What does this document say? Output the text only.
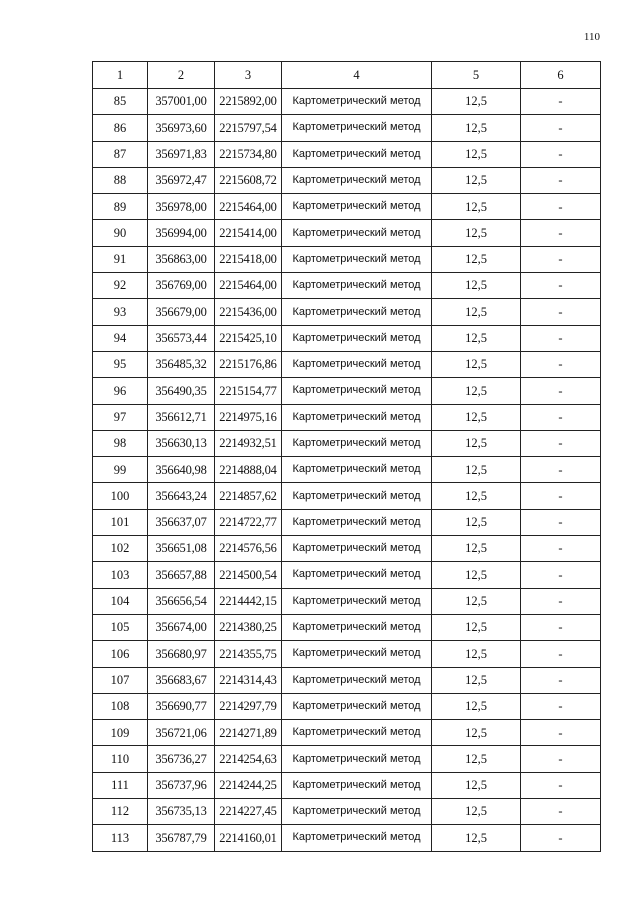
110
1	2	3	4	5	6
85	357001,00	2215892,00	Картометрический метод	12,5	-
86	356973,60	2215797,54	Картометрический метод	12,5	-
87	356971,83	2215734,80	Картометрический метод	12,5	-
88	356972,47	2215608,72	Картометрический метод	12,5	-
89	356978,00	2215464,00	Картометрический метод	12,5	-
90	356994,00	2215414,00	Картометрический метод	12,5	-
91	356863,00	2215418,00	Картометрический метод	12,5	-
92	356769,00	2215464,00	Картометрический метод	12,5	-
93	356679,00	2215436,00	Картометрический метод	12,5	-
94	356573,44	2215425,10	Картометрический метод	12,5	-
95	356485,32	2215176,86	Картометрический метод	12,5	-
96	356490,35	2215154,77	Картометрический метод	12,5	-
97	356612,71	2214975,16	Картометрический метод	12,5	-
98	356630,13	2214932,51	Картометрический метод	12,5	-
99	356640,98	2214888,04	Картометрический метод	12,5	-
100	356643,24	2214857,62	Картометрический метод	12,5	-
101	356637,07	2214722,77	Картометрический метод	12,5	-
102	356651,08	2214576,56	Картометрический метод	12,5	-
103	356657,88	2214500,54	Картометрический метод	12,5	-
104	356656,54	2214442,15	Картометрический метод	12,5	-
105	356674,00	2214380,25	Картометрический метод	12,5	-
106	356680,97	2214355,75	Картометрический метод	12,5	-
107	356683,67	2214314,43	Картометрический метод	12,5	-
108	356690,77	2214297,79	Картометрический метод	12,5	-
109	356721,06	2214271,89	Картометрический метод	12,5	-
110	356736,27	2214254,63	Картометрический метод	12,5	-
111	356737,96	2214244,25	Картометрический метод	12,5	-
112	356735,13	2214227,45	Картометрический метод	12,5	-
113	356787,79	2214160,01	Картометрический метод	12,5	-
